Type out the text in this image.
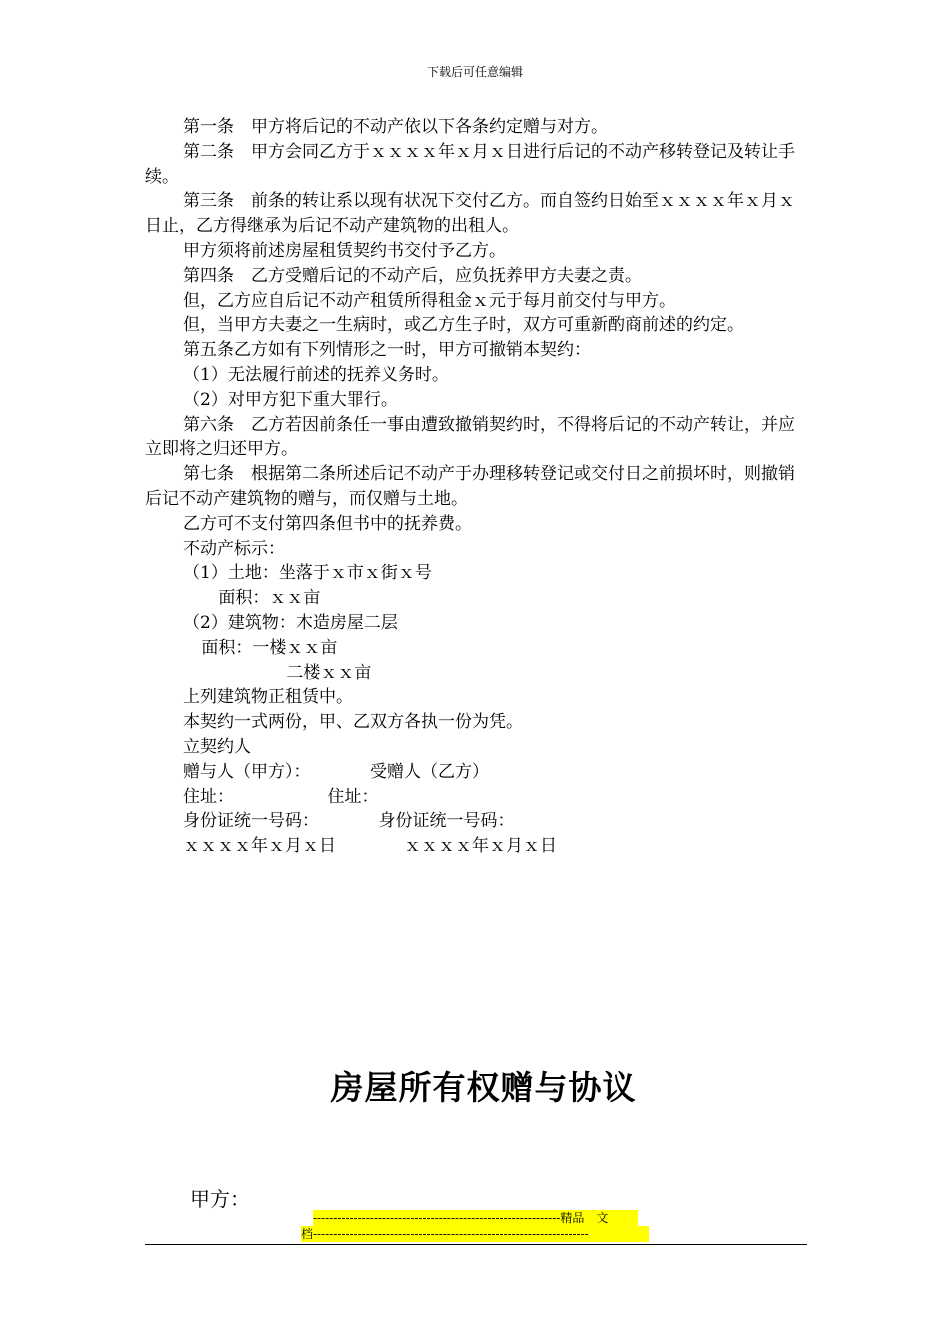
下载后可任意编辑

第一条　甲方将后记的不动产依以下各条约定赠与对方。

第二条　甲方会同乙方于ｘｘｘｘ年ｘ月ｘ日进行后记的不动产移转登记及转让手续。

第三条　前条的转让系以现有状况下交付乙方。而自签约日始至ｘｘｘｘ年ｘ月ｘ日止，乙方得继承为后记不动产建筑物的出租人。

甲方须将前述房屋租赁契约书交付予乙方。

第四条　乙方受赠后记的不动产后，应负抚养甲方夫妻之责。

但，乙方应自后记不动产租赁所得租金ｘ元于每月前交付与甲方。

但，当甲方夫妻之一生病时，或乙方生子时，双方可重新酌商前述的约定。

第五条乙方如有下列情形之一时，甲方可撤销本契约：

（1）无法履行前述的抚养义务时。

（2）对甲方犯下重大罪行。

第六条　乙方若因前条任一事由遭致撤销契约时，不得将后记的不动产转让，并应立即将之归还甲方。

第七条　根据第二条所述后记不动产于办理移转登记或交付日之前损坏时，则撤销后记不动产建筑物的赠与，而仅赠与土地。

乙方可不支付第四条但书中的抚养费。

不动产标示：

（1）土地：坐落于ｘ市ｘ街ｘ号

　　　　 面积：ｘｘ亩

（2）建筑物：木造房屋二层

　　　 面积：一楼ｘｘ亩

　　　　　　　　 二楼ｘｘ亩

上列建筑物正租赁中。

本契约一式两份，甲、乙双方各执一份为凭。

立契约人

赠与人（甲方）：　　　　受赠人（乙方）

住址：　　　　　　住址：

身份证统一号码：　　　　身份证统一号码：

ｘｘｘｘ年ｘ月ｘ日　　　　ｘｘｘｘ年ｘ月ｘ日

房屋所有权赠与协议
甲方：
-------------------------------------------------------------精品　文
档--------------------------------------------------------------------
